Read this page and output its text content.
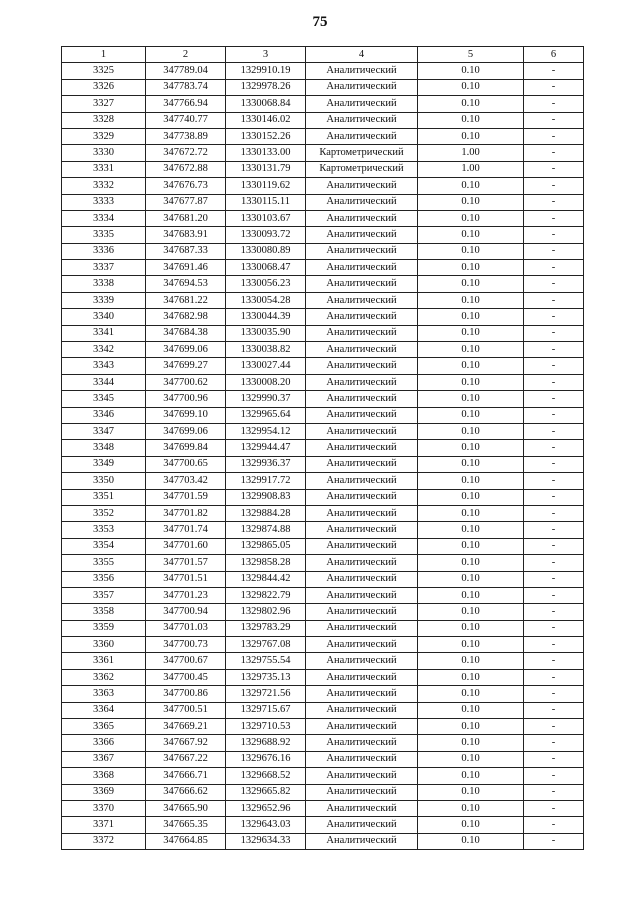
75
1	2	3	4	5	6
3325	347789.04	1329910.19	Аналитический	0.10	-
3326	347783.74	1329978.26	Аналитический	0.10	-
3327	347766.94	1330068.84	Аналитический	0.10	-
3328	347740.77	1330146.02	Аналитический	0.10	-
3329	347738.89	1330152.26	Аналитический	0.10	-
3330	347672.72	1330133.00	Картометрический	1.00	-
3331	347672.88	1330131.79	Картометрический	1.00	-
3332	347676.73	1330119.62	Аналитический	0.10	-
3333	347677.87	1330115.11	Аналитический	0.10	-
3334	347681.20	1330103.67	Аналитический	0.10	-
3335	347683.91	1330093.72	Аналитический	0.10	-
3336	347687.33	1330080.89	Аналитический	0.10	-
3337	347691.46	1330068.47	Аналитический	0.10	-
3338	347694.53	1330056.23	Аналитический	0.10	-
3339	347681.22	1330054.28	Аналитический	0.10	-
3340	347682.98	1330044.39	Аналитический	0.10	-
3341	347684.38	1330035.90	Аналитический	0.10	-
3342	347699.06	1330038.82	Аналитический	0.10	-
3343	347699.27	1330027.44	Аналитический	0.10	-
3344	347700.62	1330008.20	Аналитический	0.10	-
3345	347700.96	1329990.37	Аналитический	0.10	-
3346	347699.10	1329965.64	Аналитический	0.10	-
3347	347699.06	1329954.12	Аналитический	0.10	-
3348	347699.84	1329944.47	Аналитический	0.10	-
3349	347700.65	1329936.37	Аналитический	0.10	-
3350	347703.42	1329917.72	Аналитический	0.10	-
3351	347701.59	1329908.83	Аналитический	0.10	-
3352	347701.82	1329884.28	Аналитический	0.10	-
3353	347701.74	1329874.88	Аналитический	0.10	-
3354	347701.60	1329865.05	Аналитический	0.10	-
3355	347701.57	1329858.28	Аналитический	0.10	-
3356	347701.51	1329844.42	Аналитический	0.10	-
3357	347701.23	1329822.79	Аналитический	0.10	-
3358	347700.94	1329802.96	Аналитический	0.10	-
3359	347701.03	1329783.29	Аналитический	0.10	-
3360	347700.73	1329767.08	Аналитический	0.10	-
3361	347700.67	1329755.54	Аналитический	0.10	-
3362	347700.45	1329735.13	Аналитический	0.10	-
3363	347700.86	1329721.56	Аналитический	0.10	-
3364	347700.51	1329715.67	Аналитический	0.10	-
3365	347669.21	1329710.53	Аналитический	0.10	-
3366	347667.92	1329688.92	Аналитический	0.10	-
3367	347667.22	1329676.16	Аналитический	0.10	-
3368	347666.71	1329668.52	Аналитический	0.10	-
3369	347666.62	1329665.82	Аналитический	0.10	-
3370	347665.90	1329652.96	Аналитический	0.10	-
3371	347665.35	1329643.03	Аналитический	0.10	-
3372	347664.85	1329634.33	Аналитический	0.10	-
